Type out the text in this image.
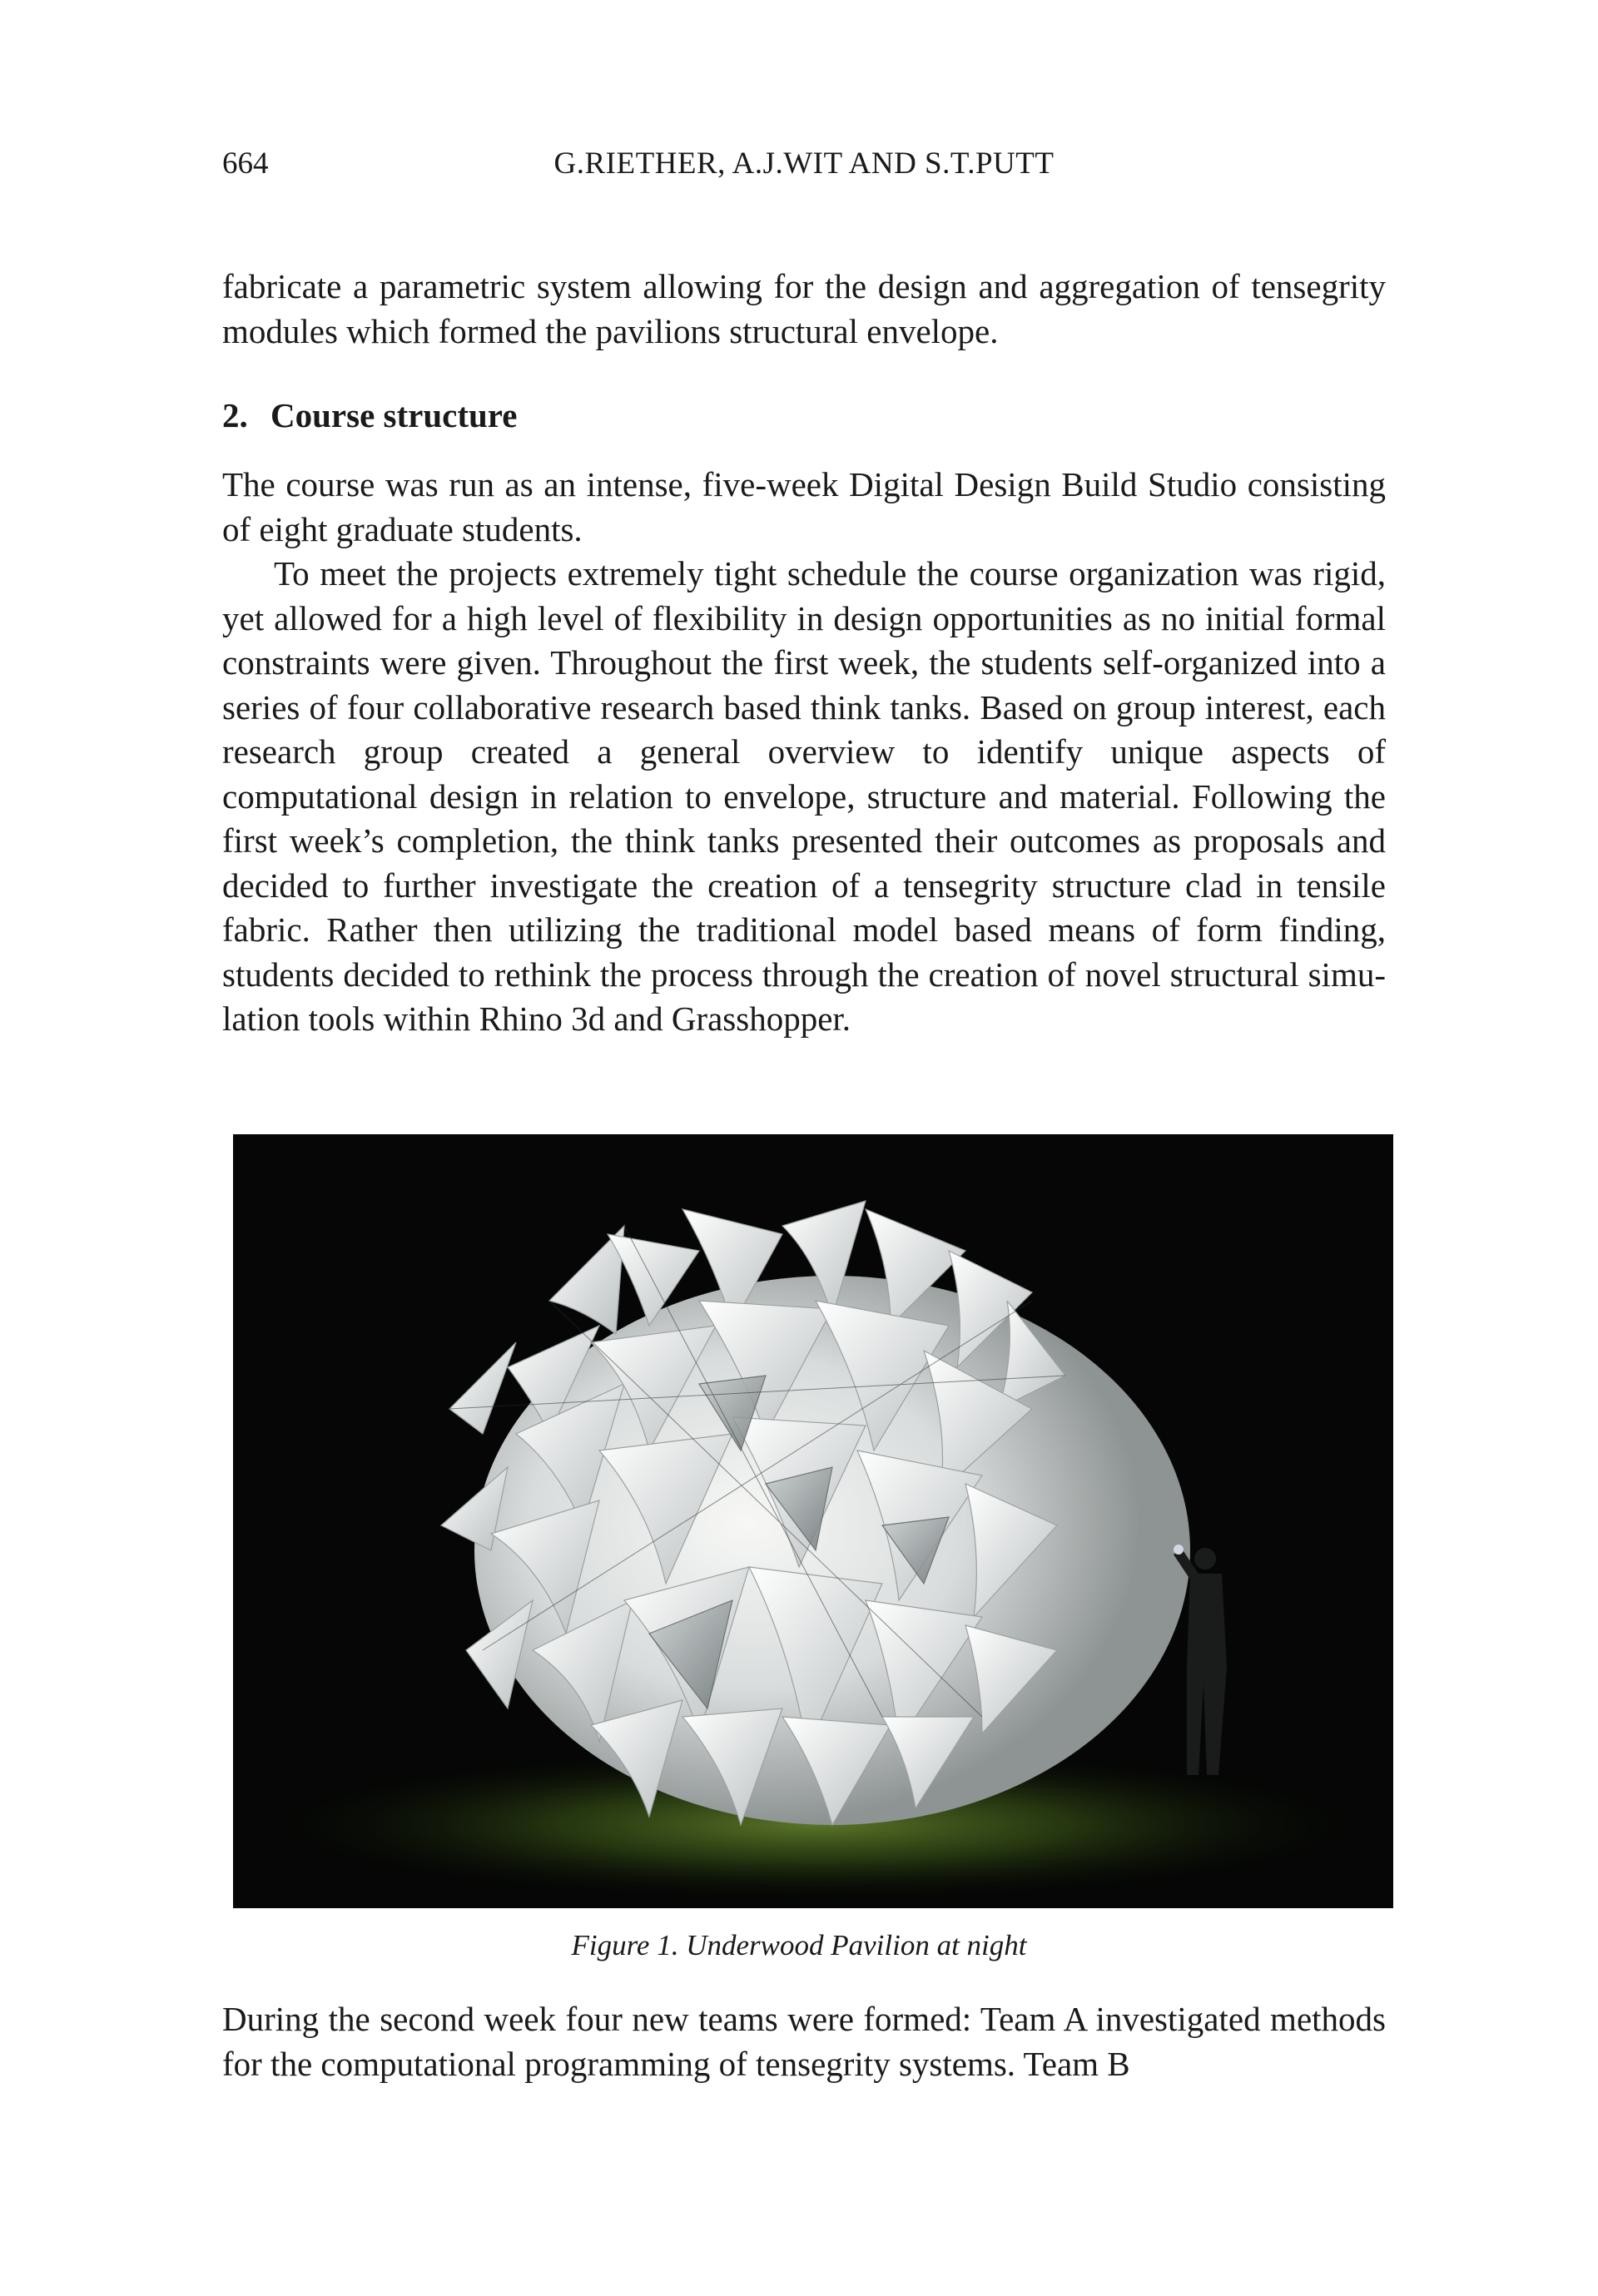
664	G.RIETHER, A.J.WIT AND S.T.PUTT

fabricate a parametric system allowing for the design and aggregation of tensegrity modules which formed the pavilions structural envelope.

2. Course structure

The course was run as an intense, five-week Digital Design Build Studio consisting of eight graduate students.

To meet the projects extremely tight schedule the course organization was rigid, yet allowed for a high level of flexibility in design opportunities as no initial formal constraints were given. Throughout the first week, the students self-organized into a series of four collaborative research based think tanks. Based on group interest, each research group created a general overview to identify unique aspects of computational design in relation to envelope, structure and material. Following the first week’s completion, the think tanks presented their outcomes as proposals and decided to further investigate the creation of a tensegrity structure clad in tensile fabric. Rather then utilizing the traditional model based means of form finding, students decided to rethink the process through the creation of novel structural simulation tools within Rhino 3d and Grasshopper.

Figure 1. Underwood Pavilion at night

During the second week four new teams were formed: Team A investigated methods for the computational programming of tensegrity systems. Team B
